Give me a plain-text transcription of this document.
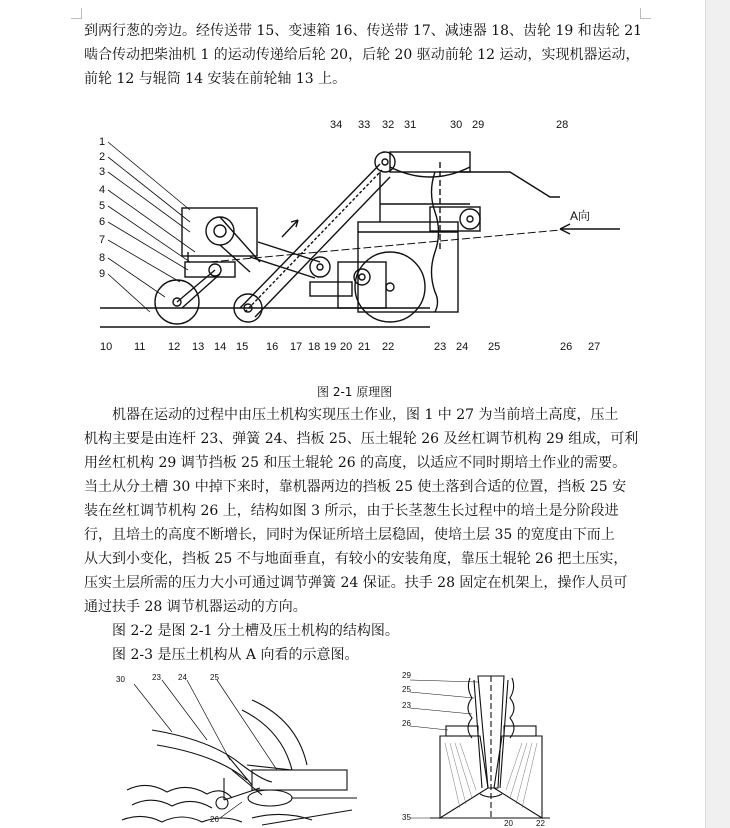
到两行葱的旁边。经传送带 15、变速箱 16、传送带 17、减速器 18、齿轮 19 和齿轮 21
啮合传动把柴油机 1 的运动传递给后轮 20，后轮 20 驱动前轮 12 运动，实现机器运动，
前轮 12 与辊筒 14 安装在前轮轴 13 上。
1
2
3
4
5
6
7
8
9
34 33 32 31	30 29	28
10 11 12 13 14 15 16 17 18 19 20 21 22	23 24 25	26 27
A向
图 2-1 原理图
机器在运动的过程中由压土机构实现压土作业，图 1 中 27 为当前培土高度，压土
机构主要是由连杆 23、弹簧 24、挡板 25、压土辊轮 26 及丝杠调节机构 29 组成，可利
用丝杠机构 29 调节挡板 25 和压土辊轮 26 的高度，以适应不同时期培土作业的需要。
当土从分土槽 30 中掉下来时，靠机器两边的挡板 25 使土落到合适的位置，挡板 25 安
装在丝杠调节机构 26 上，结构如图 3 所示，由于长茎葱生长过程中的培土是分阶段进
行，且培土的高度不断增长，同时为保证所培土层稳固，使培土层 35 的宽度由下而上
从大到小变化，挡板 25 不与地面垂直，有较小的安装角度，靠压土辊轮 26 把土压实，
压实土层所需的压力大小可通过调节弹簧 24 保证。扶手 28 固定在机架上，操作人员可
通过扶手 28 调节机器运动的方向。
图 2-2 是图 2-1 分土槽及压土机构的结构图。
图 2-3 是压土机构从 A 向看的示意图。
30	23 24	25
26
29
25
23
26
35
20	22
